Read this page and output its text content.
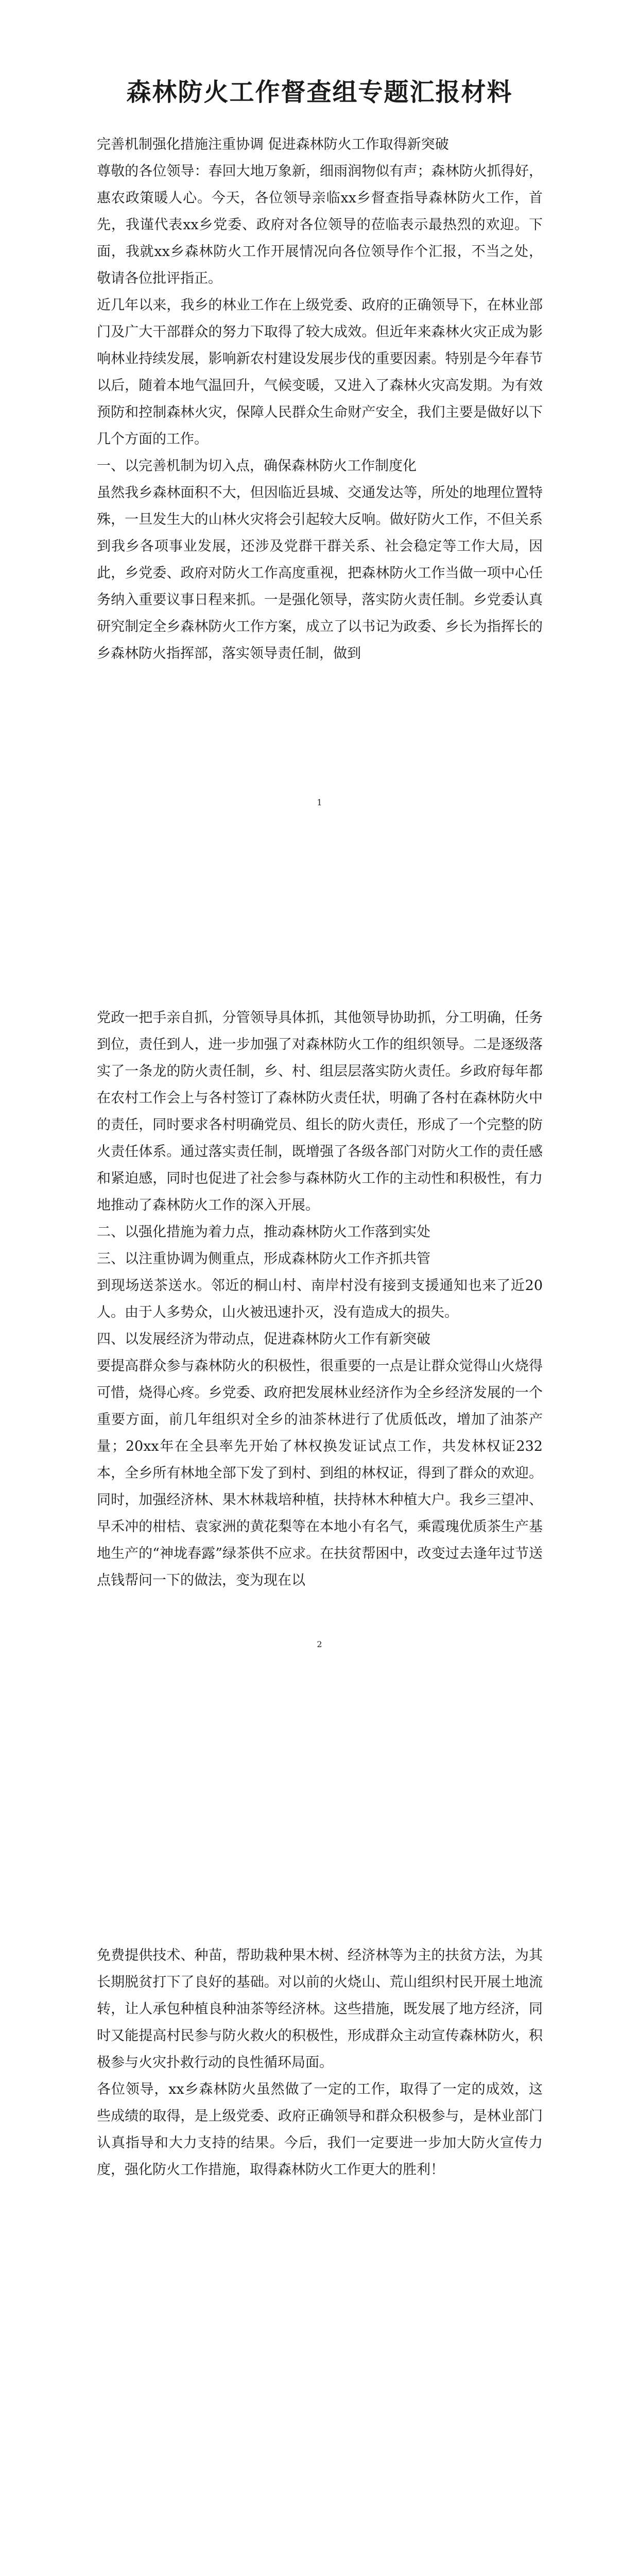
森林防火工作督查组专题汇报材料

完善机制强化措施注重协调 促进森林防火工作取得新突破

尊敬的各位领导：春回大地万象新，细雨润物似有声；森林防火抓得好，惠农政策暖人心。今天，各位领导亲临xx乡督查指导森林防火工作，首先，我谨代表xx乡党委、政府对各位领导的莅临表示最热烈的欢迎。下面，我就xx乡森林防火工作开展情况向各位领导作个汇报，不当之处，敬请各位批评指正。

近几年以来，我乡的林业工作在上级党委、政府的正确领导下，在林业部门及广大干部群众的努力下取得了较大成效。但近年来森林火灾正成为影响林业持续发展，影响新农村建设发展步伐的重要因素。特别是今年春节以后，随着本地气温回升，气候变暖，又进入了森林火灾高发期。为有效预防和控制森林火灾，保障人民群众生命财产安全，我们主要是做好以下几个方面的工作。

一、以完善机制为切入点，确保森林防火工作制度化

虽然我乡森林面积不大，但因临近县城、交通发达等，所处的地理位置特殊，一旦发生大的山林火灾将会引起较大反响。做好防火工作，不但关系到我乡各项事业发展，还涉及党群干群关系、社会稳定等工作大局，因此，乡党委、政府对防火工作高度重视，把森林防火工作当做一项中心任务纳入重要议事日程来抓。一是强化领导，落实防火责任制。乡党委认真研究制定全乡森林防火工作方案，成立了以书记为政委、乡长为指挥长的乡森林防火指挥部，落实领导责任制，做到

1

党政一把手亲自抓，分管领导具体抓，其他领导协助抓，分工明确，任务到位，责任到人，进一步加强了对森林防火工作的组织领导。二是逐级落实了一条龙的防火责任制，乡、村、组层层落实防火责任。乡政府每年都在农村工作会上与各村签订了森林防火责任状，明确了各村在森林防火中的责任，同时要求各村明确党员、组长的防火责任，形成了一个完整的防火责任体系。通过落实责任制，既增强了各级各部门对防火工作的责任感和紧迫感，同时也促进了社会参与森林防火工作的主动性和积极性，有力地推动了森林防火工作的深入开展。

二、以强化措施为着力点，推动森林防火工作落到实处

三、以注重协调为侧重点，形成森林防火工作齐抓共管

到现场送茶送水。邻近的桐山村、南岸村没有接到支援通知也来了近20人。由于人多势众，山火被迅速扑灭，没有造成大的损失。

四、以发展经济为带动点，促进森林防火工作有新突破

要提高群众参与森林防火的积极性，很重要的一点是让群众觉得山火烧得可惜，烧得心疼。乡党委、政府把发展林业经济作为全乡经济发展的一个重要方面，前几年组织对全乡的油茶林进行了优质低改，增加了油茶产量；20xx年在全县率先开始了林权换发证试点工作，共发林权证232本，全乡所有林地全部下发了到村、到组的林权证，得到了群众的欢迎。同时，加强经济林、果木林栽培种植，扶持林木种植大户。我乡三望冲、早禾冲的柑桔、袁家洲的黄花梨等在本地小有名气，乘霞瑰优质茶生产基地生产的“神垅春露”绿茶供不应求。在扶贫帮困中，改变过去逢年过节送点钱帮问一下的做法，变为现在以

2

免费提供技术、种苗，帮助栽种果木树、经济林等为主的扶贫方法，为其长期脱贫打下了良好的基础。对以前的火烧山、荒山组织村民开展土地流转，让人承包种植良种油茶等经济林。这些措施，既发展了地方经济，同时又能提高村民参与防火救火的积极性，形成群众主动宣传森林防火，积极参与火灾扑救行动的良性循环局面。

各位领导，xx乡森林防火虽然做了一定的工作，取得了一定的成效，这些成绩的取得，是上级党委、政府正确领导和群众积极参与，是林业部门认真指导和大力支持的结果。今后，我们一定要进一步加大防火宣传力度，强化防火工作措施，取得森林防火工作更大的胜利！
